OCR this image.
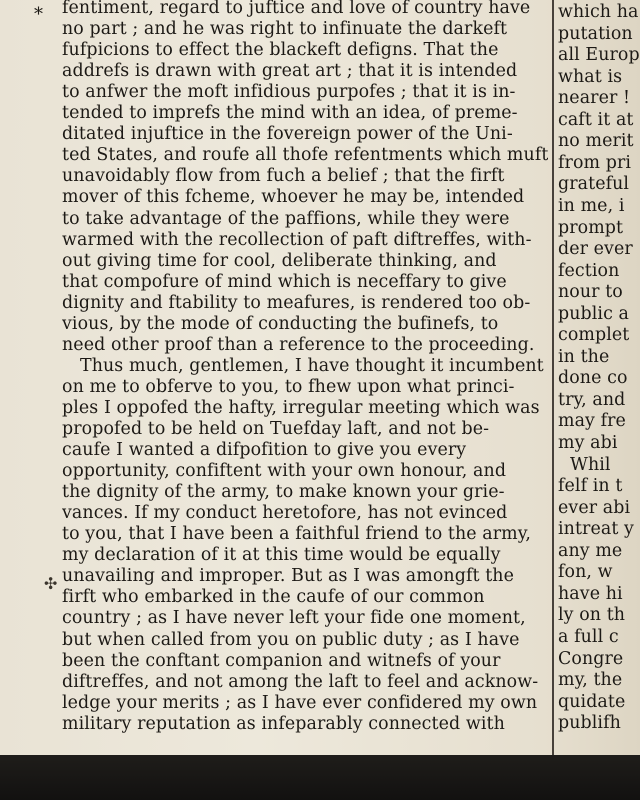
*
✣
fentiment, regard to juftice and love of country have
no part ; and he was right to infinuate the darkeft
fufpicions to effect the blackeft defigns. That the
addrefs is drawn with great art ; that it is intended
to anfwer the moft infidious purpofes ; that it is in-
tended to imprefs the mind with an idea, of preme-
ditated injuftice in the fovereign power of the Uni-
ted States, and roufe all thofe refentments which muft
unavoidably flow from fuch a belief ; that the firft
mover of this fcheme, whoever he may be, intended
to take advantage of the paffions, while they were
warmed with the recollection of paft diftreffes, with-
out giving time for cool, deliberate thinking, and
that compofure of mind which is neceffary to give
dignity and ftability to meafures, is rendered too ob-
vious, by the mode of conducting the bufinefs, to
need other proof than a reference to the proceeding.
Thus much, gentlemen, I have thought it incumbent
on me to obferve to you, to fhew upon what princi-
ples I oppofed the hafty, irregular meeting which was
propofed to be held on Tuefday laft, and not be-
caufe I wanted a difpofition to give you every
opportunity, confiftent with your own honour, and
the dignity of the army, to make known your grie-
vances. If my conduct heretofore, has not evinced
to you, that I have been a faithful friend to the army,
my declaration of it at this time would be equally
unavailing and improper. But as I was amongft the
firft who embarked in the caufe of our common
country ; as I have never left your fide one moment,
but when called from you on public duty ; as I have
been the conftant companion and witnefs of your
diftreffes, and not among the laft to feel and acknow-
ledge your merits ; as I have ever confidered my own
military reputation as infeparably connected with
which ha
putation
all Europ
what is
nearer !
caft it at
no merit
from pri
grateful
in me, i
prompt
der ever
fection
nour to
public a
complet
in the
done co
try, and
may fre
my abi
Whil
felf in t
ever abi
intreat y
any me
fon, w
have hi
ly on th
a full c
Congre
my, the
quidate
publifh
